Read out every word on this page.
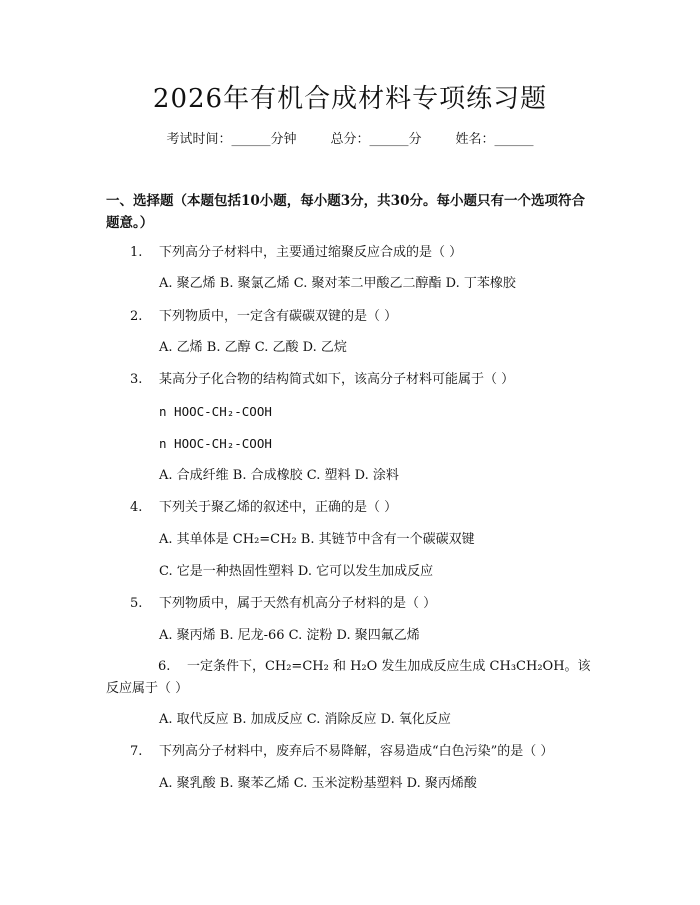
2026年有机合成材料专项练习题
考试时间：______分钟	总分：______分	姓名：______
一、选择题（本题包括10小题，每小题3分，共30分。每小题只有一个选项符合题意。）
1. 下列高分子材料中，主要通过缩聚反应合成的是（ ）
A. 聚乙烯 B. 聚氯乙烯 C. 聚对苯二甲酸乙二醇酯 D. 丁苯橡胶
2. 下列物质中，一定含有碳碳双键的是（ ）
A. 乙烯 B. 乙醇 C. 乙酸 D. 乙烷
3. 某高分子化合物的结构简式如下，该高分子材料可能属于（ ）
n HOOC-CH₂-COOH
n HOOC-CH₂-COOH
A. 合成纤维 B. 合成橡胶 C. 塑料 D. 涂料
4. 下列关于聚乙烯的叙述中，正确的是（ ）
A. 其单体是 CH₂=CH₂ B. 其链节中含有一个碳碳双键
C. 它是一种热固性塑料 D. 它可以发生加成反应
5. 下列物质中，属于天然有机高分子材料的是（ ）
A. 聚丙烯 B. 尼龙-66 C. 淀粉 D. 聚四氟乙烯
6. 一定条件下，CH₂=CH₂ 和 H₂O 发生加成反应生成 CH₃CH₂OH。该反应属于（ ）
A. 取代反应 B. 加成反应 C. 消除反应 D. 氧化反应
7. 下列高分子材料中，废弃后不易降解，容易造成“白色污染”的是（ ）
A. 聚乳酸 B. 聚苯乙烯 C. 玉米淀粉基塑料 D. 聚丙烯酸
